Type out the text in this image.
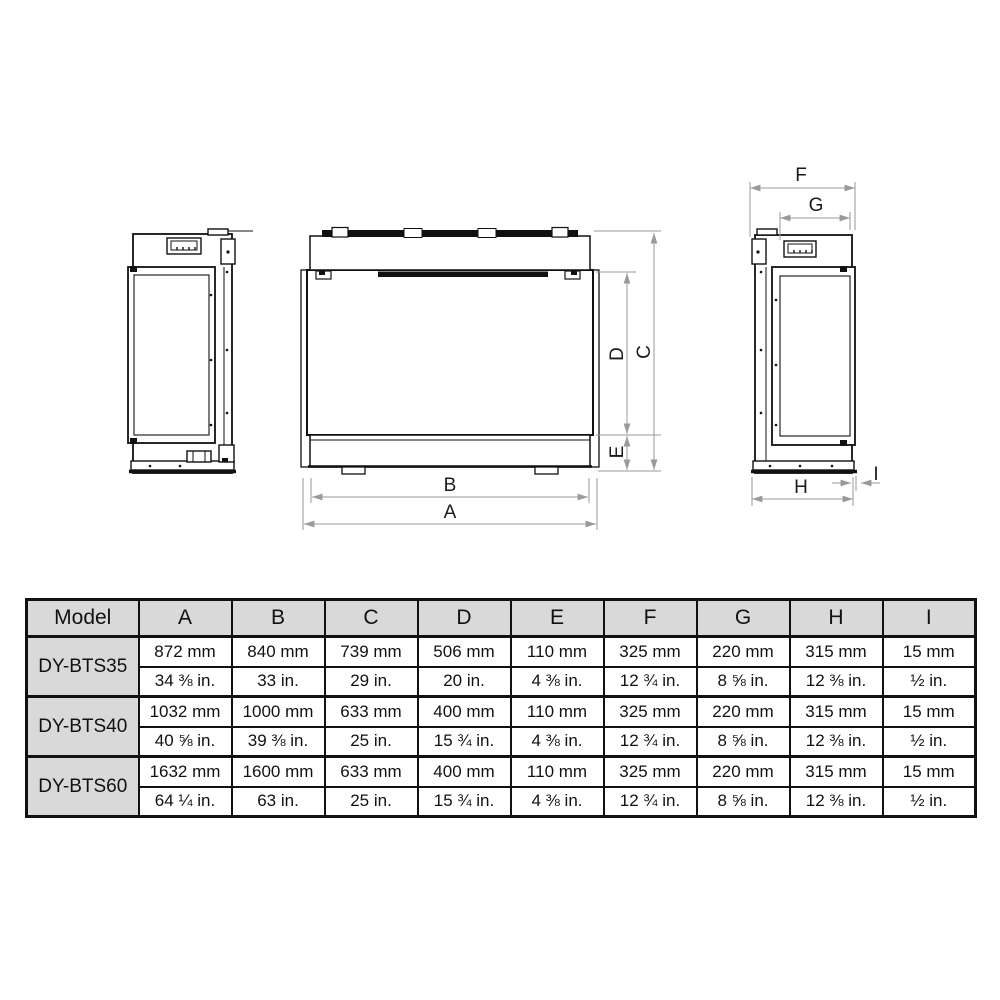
A
B
C
D
E
F
G
H
I
Model	A	B	C	D	E	F	G	H	I
DY-BTS35	872 mm	840 mm	739 mm	506 mm	110 mm	325 mm	220 mm	315 mm	15 mm
	34 ⅜ in.	33 in.	29 in.	20 in.	4 ⅜ in.	12 ¾ in.	8 ⅝ in.	12 ⅜ in.	½ in.
DY-BTS40	1032 mm	1000 mm	633 mm	400 mm	110 mm	325 mm	220 mm	315 mm	15 mm
	40 ⅝ in.	39 ⅜ in.	25 in.	15 ¾ in.	4 ⅜ in.	12 ¾ in.	8 ⅝ in.	12 ⅜ in.	½ in.
DY-BTS60	1632 mm	1600 mm	633 mm	400 mm	110 mm	325 mm	220 mm	315 mm	15 mm
	64 ¼ in.	63 in.	25 in.	15 ¾ in.	4 ⅜ in.	12 ¾ in.	8 ⅝ in.	12 ⅜ in.	½ in.
